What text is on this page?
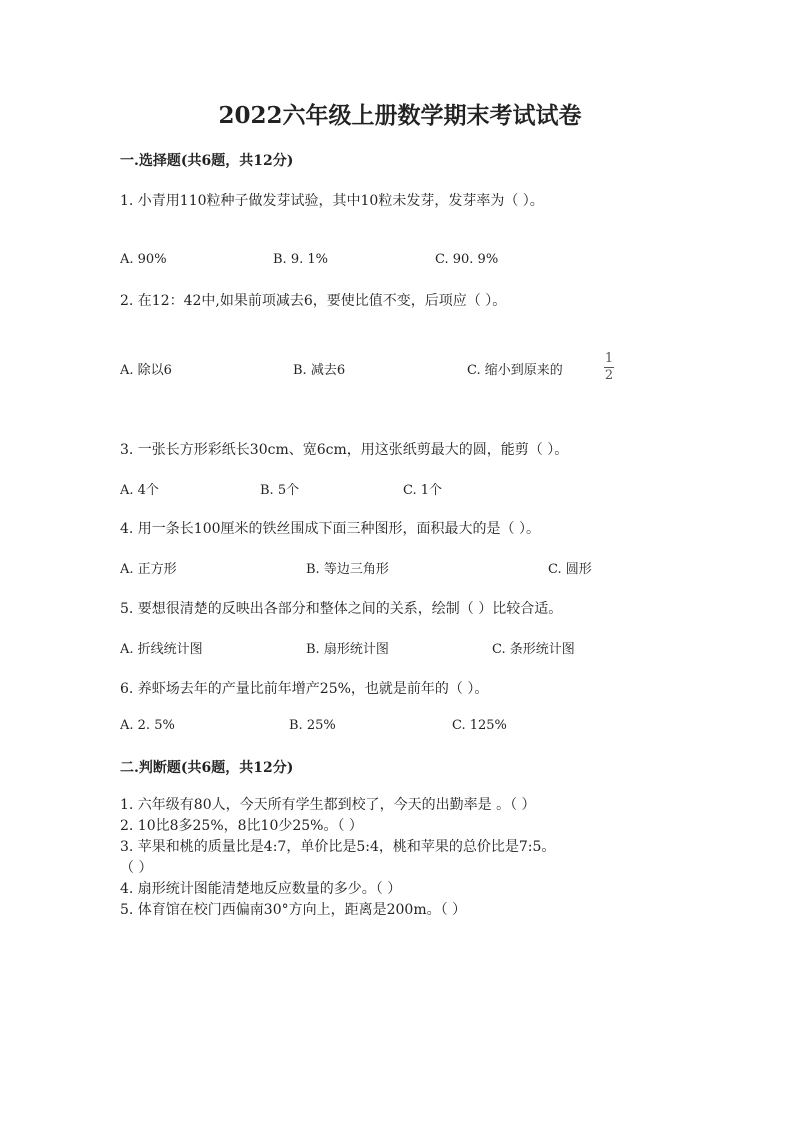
2022六年级上册数学期末考试试卷
一.选择题(共6题，共12分)
1. 小青用110粒种子做发芽试验，其中10粒未发芽，发芽率为（ ）。
A. 90%	B. 9. 1%	C. 90. 9%
2. 在12：42中,如果前项减去6，要使比值不变，后项应（ ）。
A. 除以6	B. 减去6	C. 缩小到原来的
1
2
3. 一张长方形彩纸长30cm、宽6cm，用这张纸剪最大的圆，能剪（ ）。
A. 4个	B. 5个	C. 1个
4. 用一条长100厘米的铁丝围成下面三种图形，面积最大的是（ ）。
A. 正方形	B. 等边三角形	C. 圆形
5. 要想很清楚的反映出各部分和整体之间的关系，绘制（ ）比较合适。
A. 折线统计图	B. 扇形统计图	C. 条形统计图
6. 养虾场去年的产量比前年增产25%，也就是前年的（ ）。
A. 2. 5%	B. 25%	C. 125%
二.判断题(共6题，共12分)
1. 六年级有80人，今天所有学生都到校了，今天的出勤率是 。（ ）
2. 10比8多25%，8比10少25%。（ ）
3. 苹果和桃的质量比是4:7，单价比是5:4，桃和苹果的总价比是7:5。
（ ）
4. 扇形统计图能清楚地反应数量的多少。（ ）
5. 体育馆在校门西偏南30°方向上，距离是200m。（ ）
